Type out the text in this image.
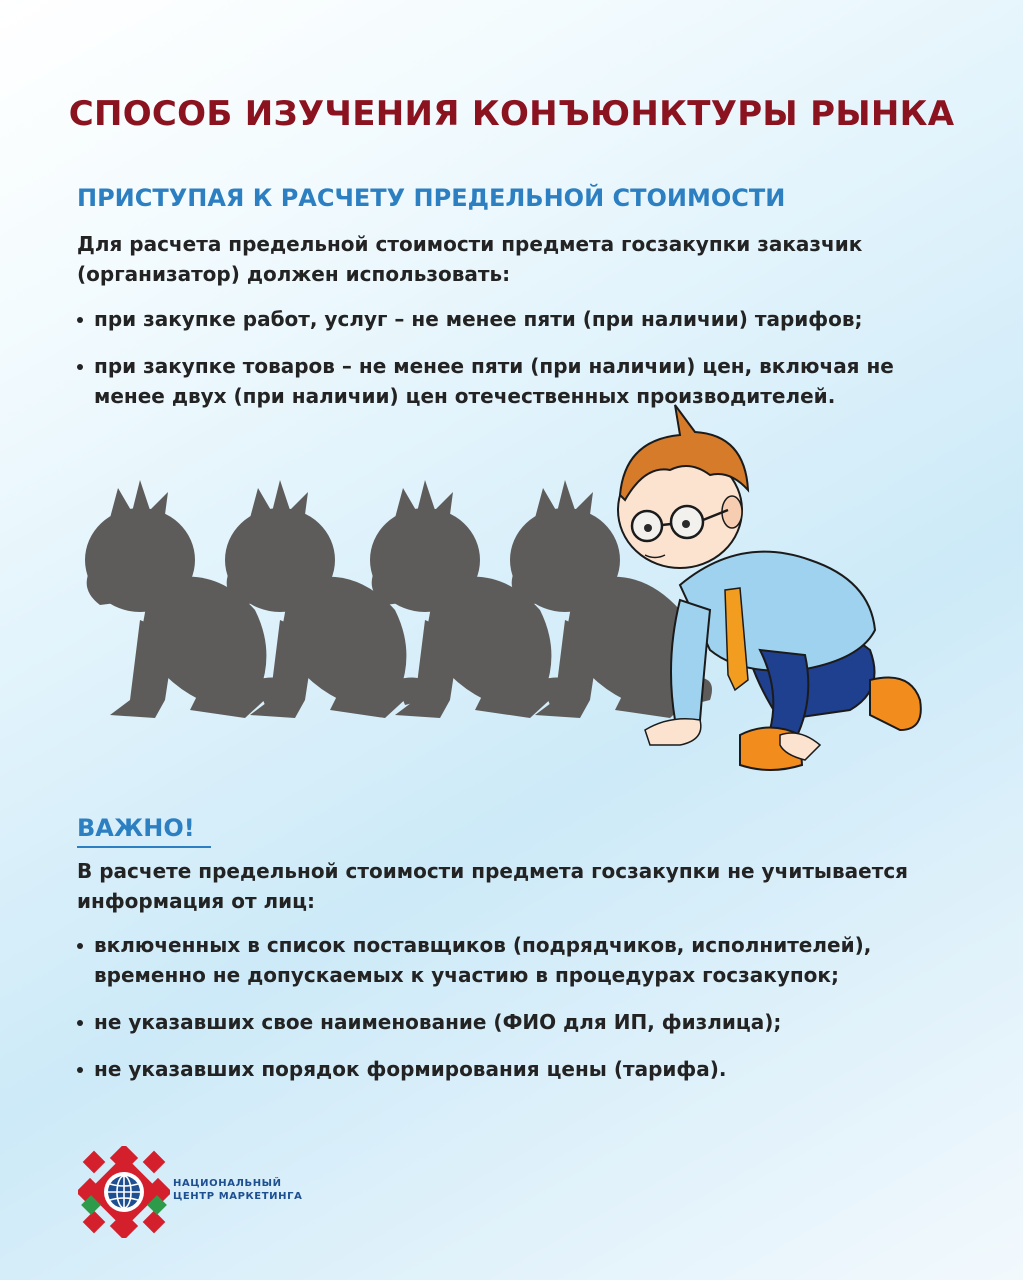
СПОСОБ ИЗУЧЕНИЯ КОНЪЮНКТУРЫ РЫНКА
ПРИСТУПАЯ К РАСЧЕТУ ПРЕДЕЛЬНОЙ СТОИМОСТИ
Для расчета предельной стоимости предмета госзакупки заказчик (организатор) должен использовать:
при закупке работ, услуг – не менее пяти (при наличии) тарифов;
при закупке товаров – не менее пяти (при наличии) цен, включая не менее двух (при наличии) цен отечественных производителей.
ВАЖНО!
В расчете предельной стоимости предмета госзакупки не учитывается информация от лиц:
включенных в список поставщиков (подрядчиков, исполнителей), временно не допускаемых к участию в процедурах госзакупок;
не указавших свое наименование (ФИО для ИП, физлица);
не указавших порядок формирования цены (тарифа).
НАЦИОНАЛЬНЫЙ
ЦЕНТР МАРКЕТИНГА
